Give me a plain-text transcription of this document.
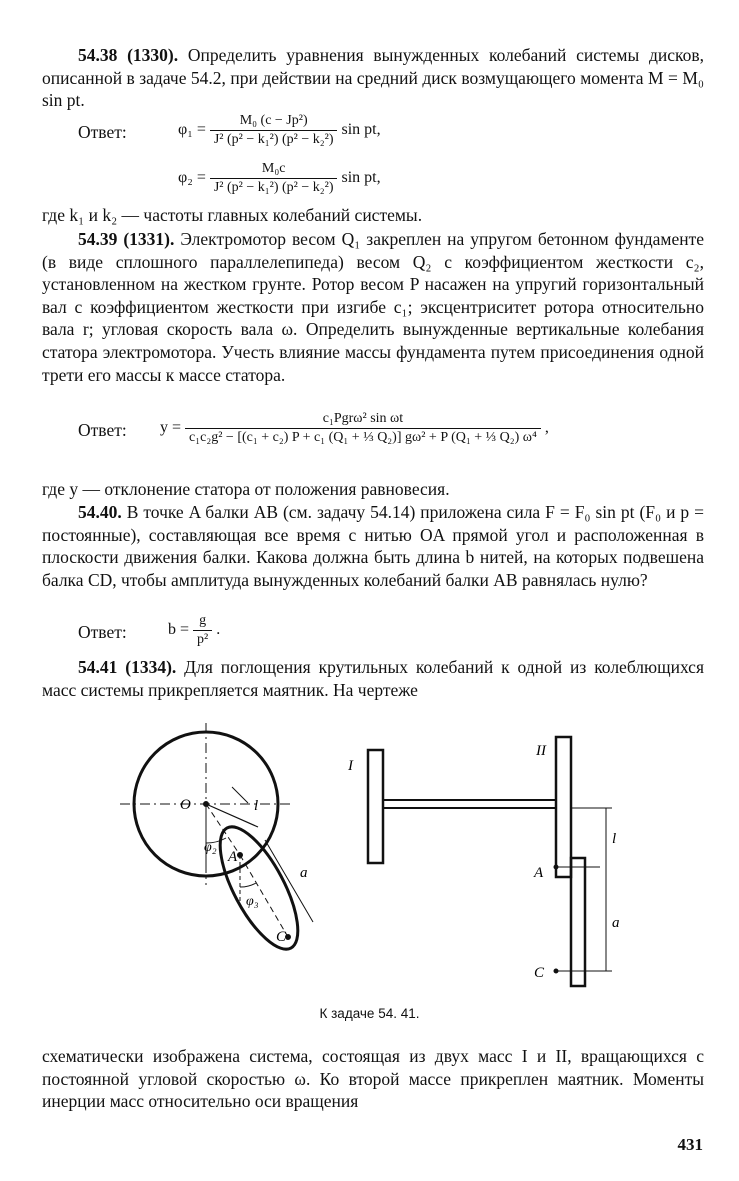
54.38 (1330). Определить уравнения вынужденных колебаний системы дисков, описанной в задаче 54.2, при действии на средний диск возмущающего момента M = M₀ sin pt.
Ответ:	$\varphi_1 = \frac{\text{M₀ (c − Jp²)}}{\text{J² (p² − k₁²) (p² − k₂²)}}$ sin pt,
$\varphi_2 = \frac{\text{M₀c}}{\text{J² (p² − k₁²) (p² − k₂²)}}$ sin pt,
где k₁ и k₂ — частоты главных колебаний системы.
54.39 (1331). Электромотор весом Q₁ закреплен на упругом бетонном фундаменте (в виде сплошного параллелепипеда) весом Q₂ с коэффициентом жесткости c₂, установленном на жестком грунте. Ротор весом P насажен на упругий горизонтальный вал с коэффициентом жесткости при изгибе c₁; эксцентриситет ротора относительно вала r; угловая скорость вала ω. Определить вынужденные вертикальные колебания статора электромотора. Учесть влияние массы фундамента путем присоединения одной трети его массы к массе статора.
Ответ: y =
c₁Pgrω² sin ωt
c₁c₂g² − [(c₁ + c₂) P + c₁ (Q₁ + ⅓ Q₂)] gω² + P (Q₁ + ⅓ Q₂) ω⁴
,
где y — отклонение статора от положения равновесия.
54.40. В точке A балки AB (см. задачу 54.14) приложена сила F = F₀ sin pt (F₀ и p = постоянные), составляющая все время с нитью OA прямой угол и расположенная в плоскости движения балки. Какова должна быть длина b нитей, на которых подвешена балка CD, чтобы амплитуда вынужденных колебаний балки AB равнялась нулю?
Ответ:	$b = \frac{g}{\text{p²}}$ .
54.41 (1334). Для поглощения крутильных колебаний к одной из колеблющихся масс системы прикрепляется маятник. На чертеже
O
A
C
l
a
φ₂
φ₃
I
II
A
C
l
a
К задаче 54. 41.
схематически изображена система, состоящая из двух масс I и II, вращающихся с постоянной угловой скоростью ω. Ко второй массе прикреплен маятник. Моменты инерции масс относительно оси вращения
431
